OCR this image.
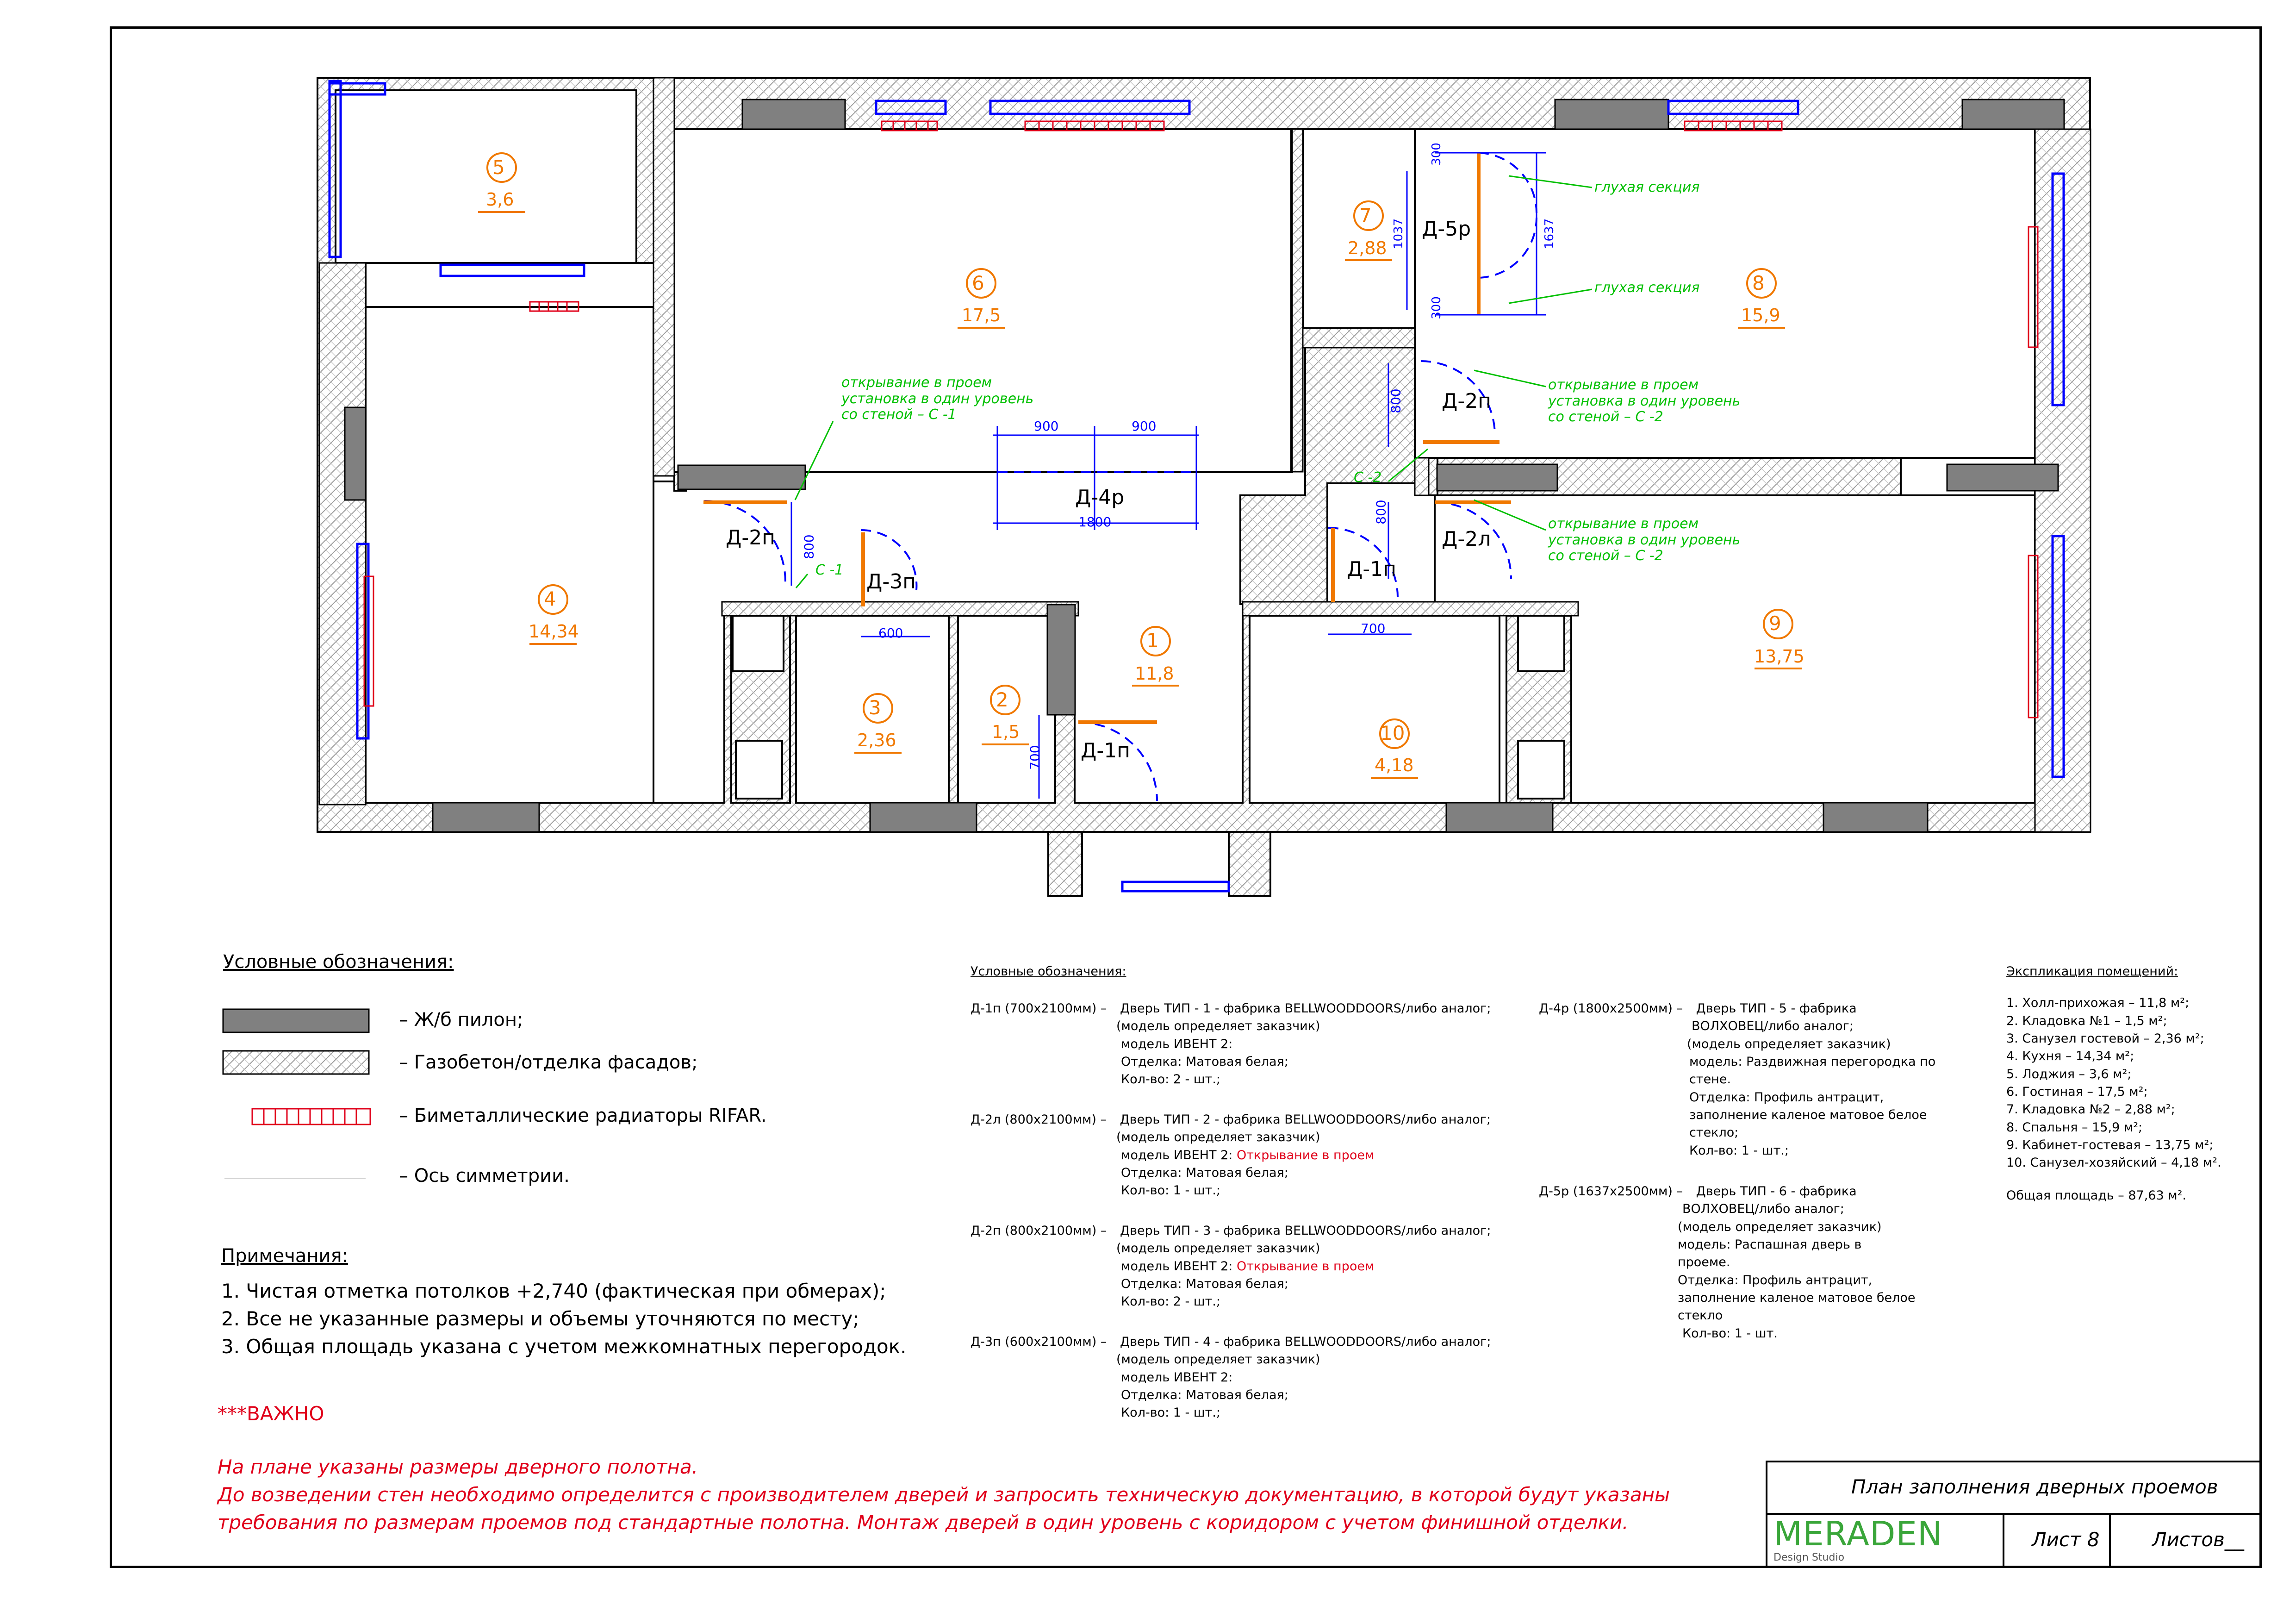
5
3,6
6
17,5
7
2,88
8
15,9
4
14,34	1
11,8
3
2,36
2
1,5	10
4,18
9
13,75
Д-5р
Д-2п
Д-4р
Д-2п
Д-3п
Д-2л
Д-1п
Д-1п
900	900
1800
800
600
700
700
800
800
300
300
1037	1637
открывание в проем
установка в один уровень
со стеной – С -1
открывание в проем
установка в один уровень
со стеной – С -2
открывание в проем
установка в один уровень
со стеной – С -2
С -2
С -1
глухая секция
глухая секция
Условные обозначения:
– Ж/б пилон;
– Газобетон/отделка фасадов;
– Биметаллические радиаторы RIFAR.
– Ось симметрии.
Примечания:
1. Чистая отметка потолков +2,740 (фактическая при обмерах);
2. Все не указанные размеры и объемы уточняются по месту;
3. Общая площадь указана с учетом межкомнатных перегородок.
***ВАЖНО
На плане указаны размеры дверного полотна.
До возведении стен необходимо определится с производителем дверей и запросить техническую документацию, в которой будут указаны
требования по размерам проемов под стандартные полотна. Монтаж дверей в один уровень с коридором с учетом финишной отделки.
Условные обозначения:
Д-1п (700x2100мм) – Дверь ТИП - 1 - фабрика BELLWOODDOORS/либо аналог;
(модель определяет заказчик)
модель ИВЕНТ 2:
Отделка: Матовая белая;
Кол-во: 2 - шт.;
Д-2л (800x2100мм) – Дверь ТИП - 2 - фабрика BELLWOODDOORS/либо аналог;
(модель определяет заказчик)
модель ИВЕНТ 2: Открывание в проем
Отделка: Матовая белая;
Кол-во: 1 - шт.;
Д-2п (800x2100мм) – Дверь ТИП - 3 - фабрика BELLWOODDOORS/либо аналог;
(модель определяет заказчик)
модель ИВЕНТ 2: Открывание в проем
Отделка: Матовая белая;
Кол-во: 2 - шт.;
Д-3п (600x2100мм) – Дверь ТИП - 4 - фабрика BELLWOODDOORS/либо аналог;
(модель определяет заказчик)
модель ИВЕНТ 2:
Отделка: Матовая белая;
Кол-во: 1 - шт.;
Д-4р (1800x2500мм) – Дверь ТИП - 5 - фабрика
ВОЛХОВЕЦ/либо аналог;
(модель определяет заказчик)
модель: Раздвижная перегородка по
стене.
Отделка: Профиль антрацит,
заполнение каленое матовое белое
стекло;
Кол-во: 1 - шт.;
Д-5р (1637x2500мм) – Дверь ТИП - 6 - фабрика
ВОЛХОВЕЦ/либо аналог;
(модель определяет заказчик)
модель: Распашная дверь в
проеме.
Отделка: Профиль антрацит,
заполнение каленое матовое белое
стекло
Кол-во: 1 - шт.
Экспликация помещений:
1. Холл-прихожая – 11,8 м²;
2. Кладовка №1 – 1,5 м²;
3. Санузел гостевой – 2,36 м²;
4. Кухня – 14,34 м²;
5. Лоджия – 3,6 м²;
6. Гостиная – 17,5 м²;
7. Кладовка №2 – 2,88 м²;
8. Спальня – 15,9 м²;
9. Кабинет-гостевая – 13,75 м²;
10. Санузел-хозяйский – 4,18 м².
Общая площадь – 87,63 м².
План заполнения дверных проемов
MERADEN
Design Studio
Лист 8	Листов__
